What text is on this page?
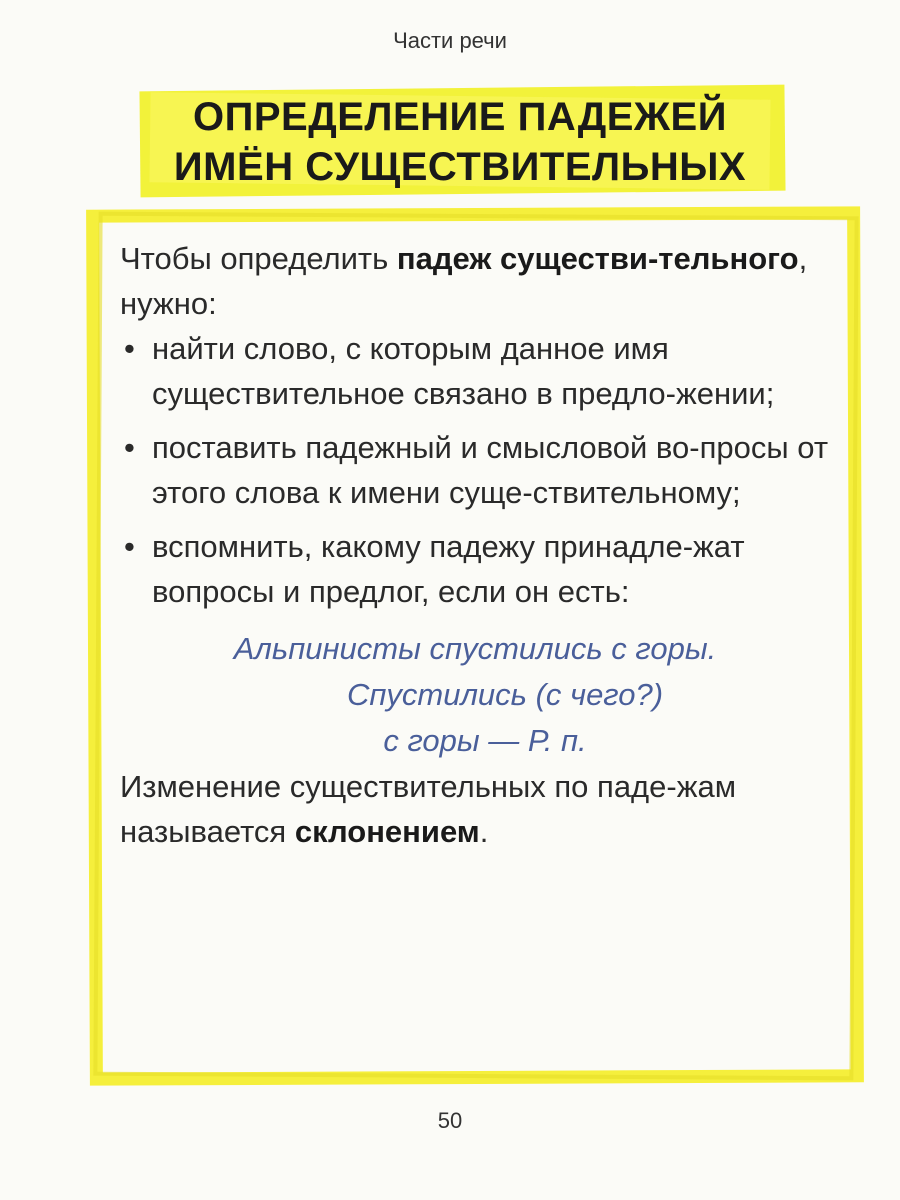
Части речи
ОПРЕДЕЛЕНИЕ ПАДЕЖЕЙ
ИМЁН СУЩЕСТВИТЕЛЬНЫХ

Чтобы определить падеж существи-тельного, нужно:

• найти слово, с которым данное имя существительное связано в предло-жении;
• поставить падежный и смысловой во-просы от этого слова к имени суще-ствительному;
• вспомнить, какому падежу принадле-жат вопросы и предлог, если он есть:
Альпинисты спустились с горы.
Спустились (с чего?)
с горы — Р. п.

Изменение существительных по паде-жам называется склонением.

50
